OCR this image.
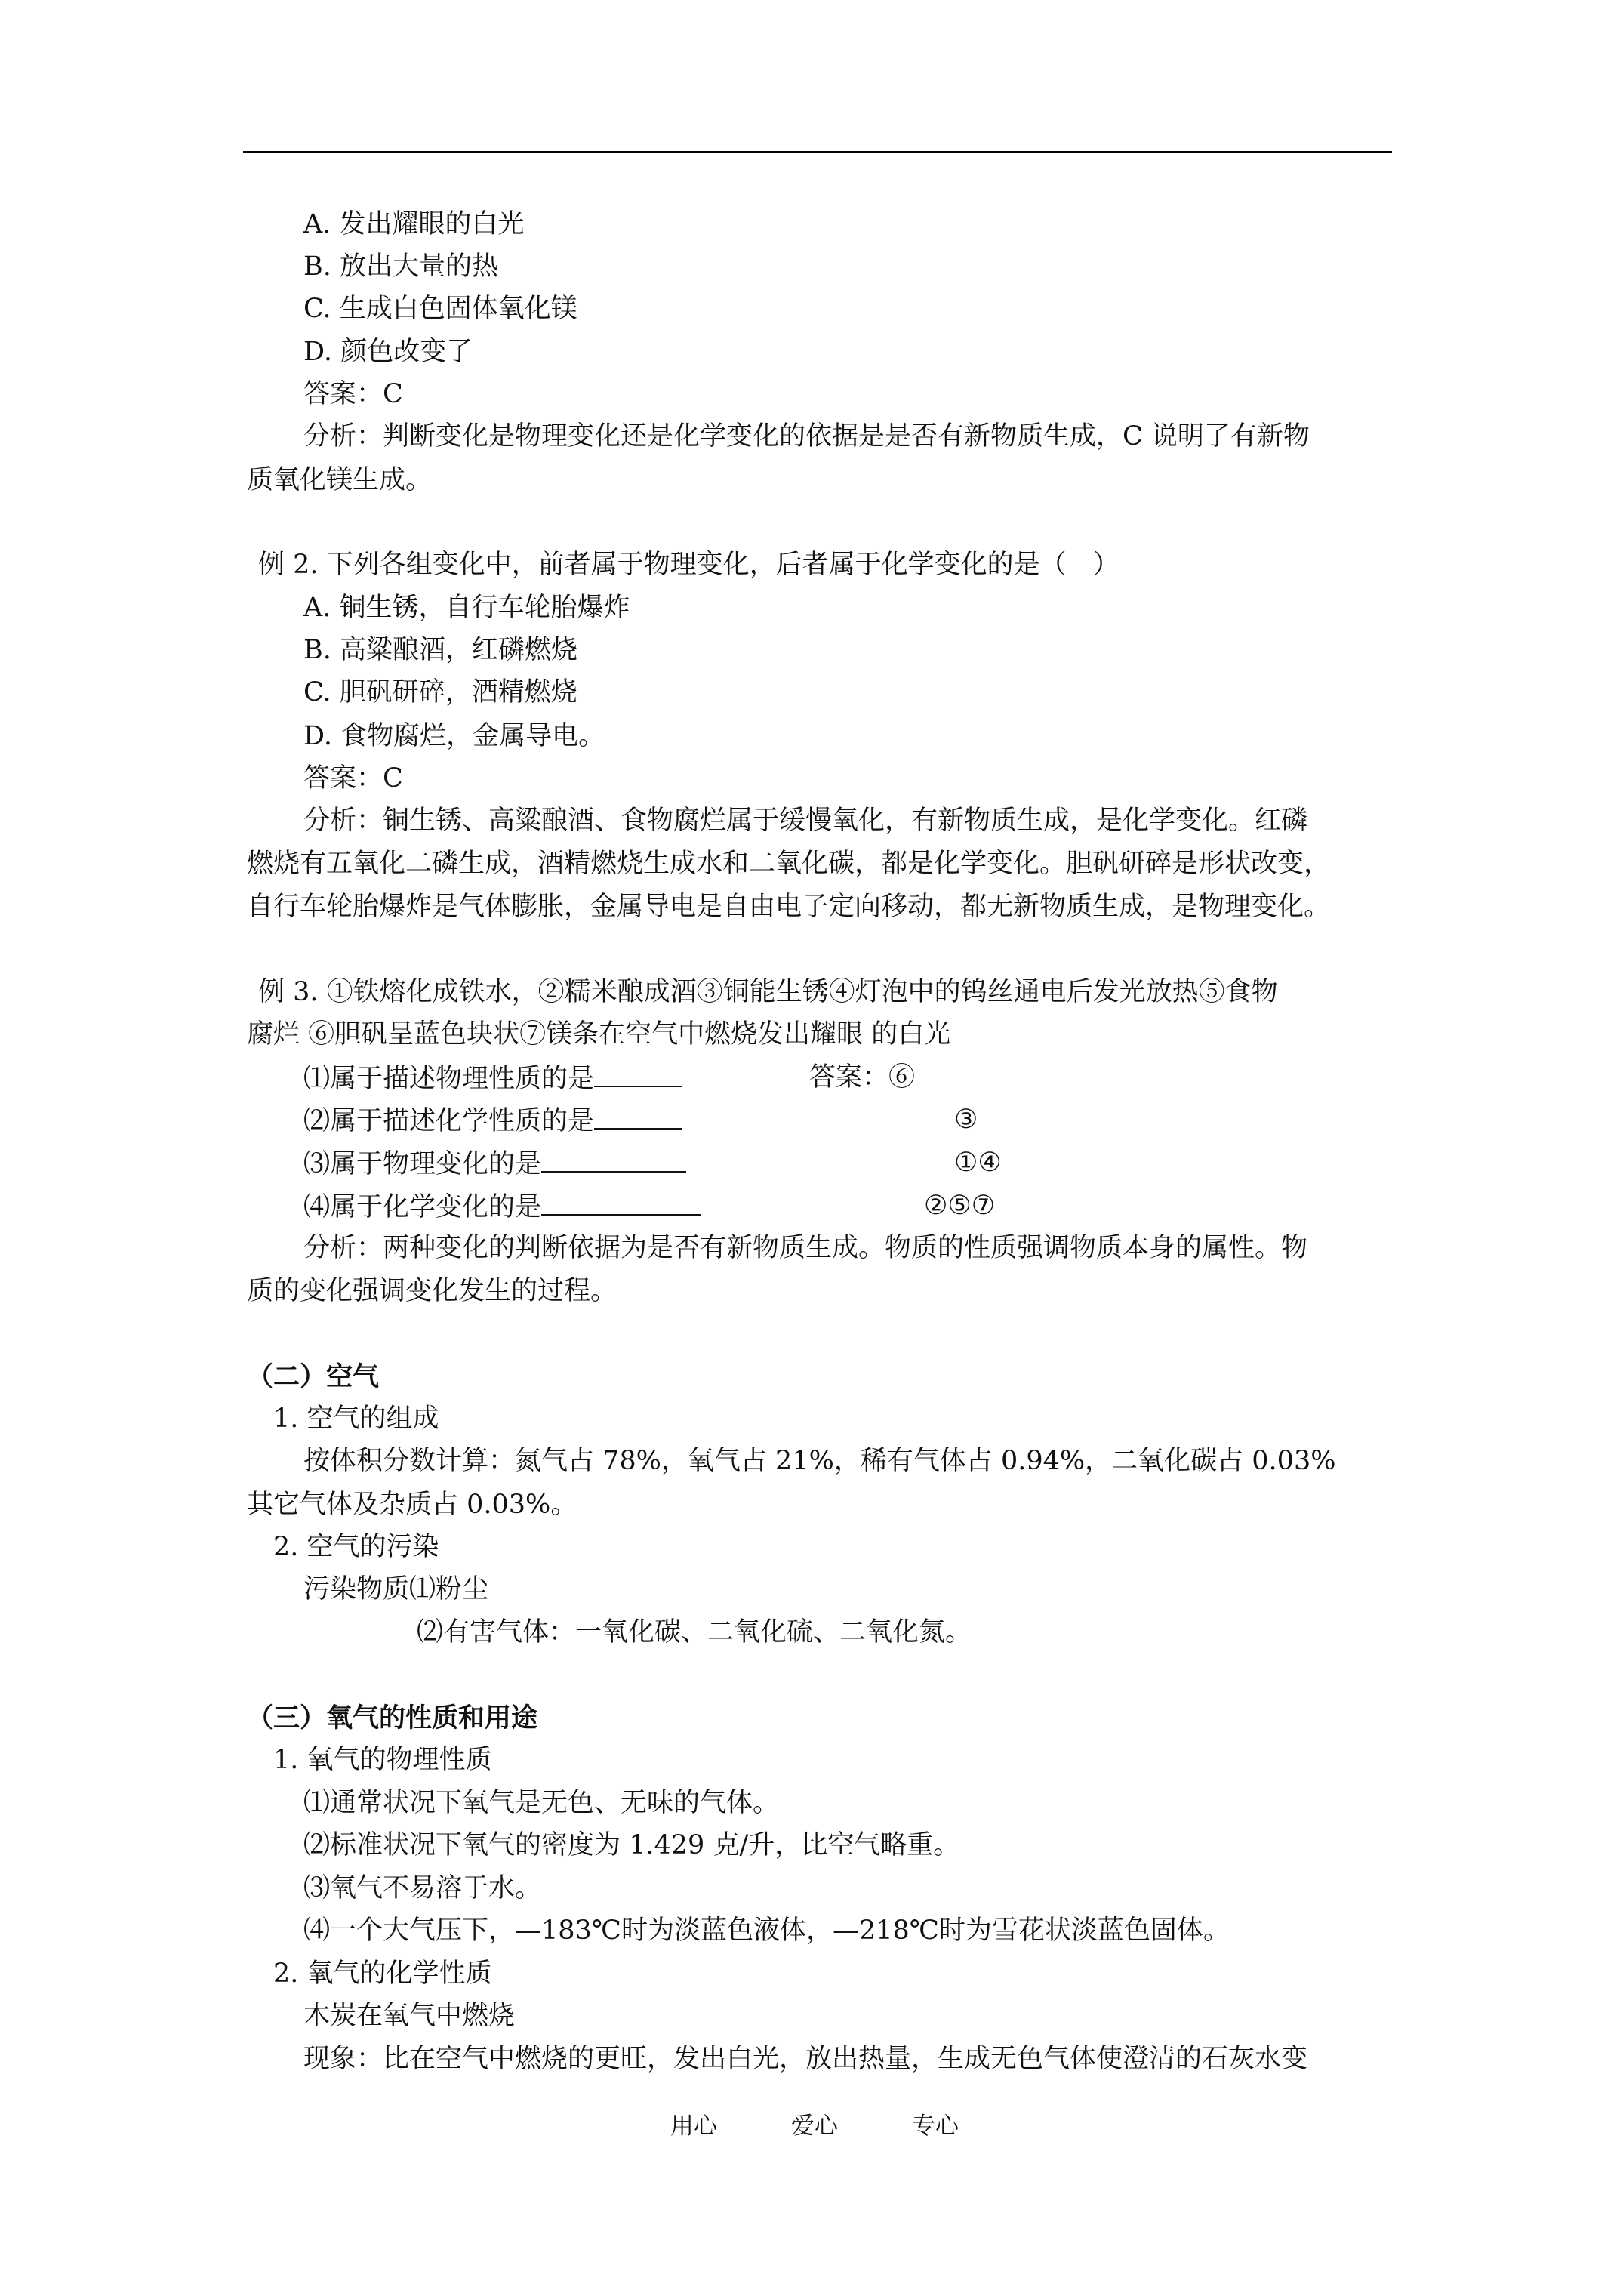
A. 发出耀眼的白光
B. 放出大量的热
C. 生成白色固体氧化镁
D. 颜色改变了
答案：C
分析：判断变化是物理变化还是化学变化的依据是是否有新物质生成，C 说明了有新物
质氧化镁生成。
例 2. 下列各组变化中，前者属于物理变化，后者属于化学变化的是（　）
A. 铜生锈，自行车轮胎爆炸
B. 高粱酿酒，红磷燃烧
C. 胆矾研碎，酒精燃烧
D. 食物腐烂，金属导电。
答案：C
分析：铜生锈、高粱酿酒、食物腐烂属于缓慢氧化，有新物质生成，是化学变化。红磷
燃烧有五氧化二磷生成，酒精燃烧生成水和二氧化碳，都是化学变化。胆矾研碎是形状改变，
自行车轮胎爆炸是气体膨胀，金属导电是自由电子定向移动，都无新物质生成，是物理变化。
例 3. ①铁熔化成铁水，②糯米酿成酒③铜能生锈④灯泡中的钨丝通电后发光放热⑤食物
腐烂 ⑥胆矾呈蓝色块状⑦镁条在空气中燃烧发出耀眼 的白光
⑴属于描述物理性质的是	答案：⑥
⑵属于描述化学性质的是	③
⑶属于物理变化的是	①④
⑷属于化学变化的是	②⑤⑦
分析：两种变化的判断依据为是否有新物质生成。物质的性质强调物质本身的属性。物
质的变化强调变化发生的过程。
（二）空气
1. 空气的组成
按体积分数计算：氮气占 78%，氧气占 21%，稀有气体占 0.94%，二氧化碳占 0.03%
其它气体及杂质占 0.03%。
2. 空气的污染
污染物质⑴粉尘
⑵有害气体：一氧化碳、二氧化硫、二氧化氮。
（三）氧气的性质和用途
1. 氧气的物理性质
⑴通常状况下氧气是无色、无味的气体。
⑵标准状况下氧气的密度为 1.429 克/升，比空气略重。
⑶氧气不易溶于水。
⑷一个大气压下，—183℃时为淡蓝色液体，—218℃时为雪花状淡蓝色固体。
2. 氧气的化学性质
木炭在氧气中燃烧
现象：比在空气中燃烧的更旺，发出白光，放出热量，生成无色气体使澄清的石灰水变
用心	爱心	专心
